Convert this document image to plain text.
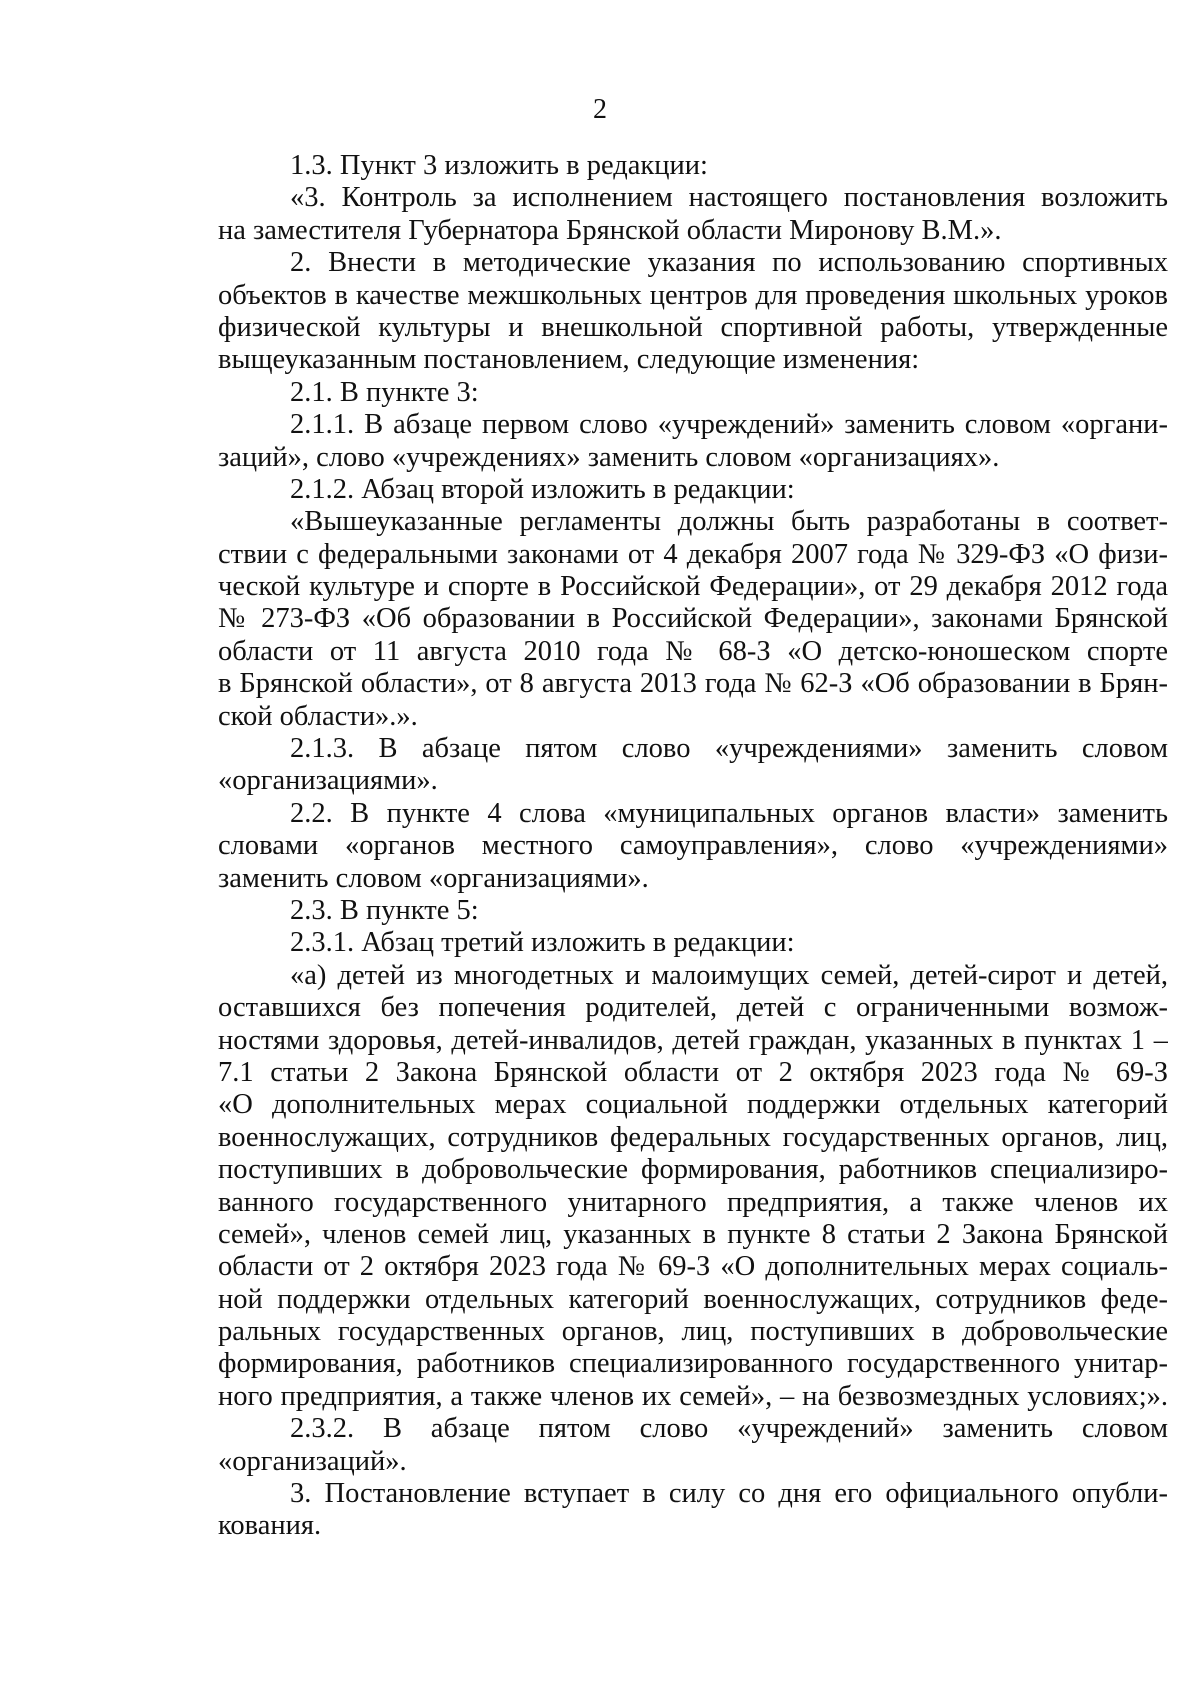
2
1.3. Пункт 3 изложить в редакции:
«3. Контроль за исполнением настоящего постановления возложить
на заместителя Губернатора Брянской области Миронову В.М.».
2. Внести в методические указания по использованию спортивных
объектов в качестве межшкольных центров для проведения школьных уроков
физической культуры и внешкольной спортивной работы, утвержденные
выщеуказанным постановлением, следующие изменения:
2.1. В пункте 3:
2.1.1. В абзаце первом слово «учреждений» заменить словом «органи-
заций», слово «учреждениях» заменить словом «организациях».
2.1.2. Абзац второй изложить в редакции:
«Вышеуказанные регламенты должны быть разработаны в соответ-
ствии с федеральными законами от 4 декабря 2007 года № 329-ФЗ «О физи-
ческой культуре и спорте в Российской Федерации», от 29 декабря 2012 года
№ 273-ФЗ «Об образовании в Российской Федерации», законами Брянской
области от 11 августа 2010 года № 68-З «О детско-юношеском спорте
в Брянской области», от 8 августа 2013 года № 62-З «Об образовании в Брян-
ской области».».
2.1.3. В абзаце пятом слово «учреждениями» заменить словом
«организациями».
2.2. В пункте 4 слова «муниципальных органов власти» заменить
словами «органов местного самоуправления», слово «учреждениями»
заменить словом «организациями».
2.3. В пункте 5:
2.3.1. Абзац третий изложить в редакции:
«а) детей из многодетных и малоимущих семей, детей-сирот и детей,
оставшихся без попечения родителей, детей с ограниченными возмож-
ностями здоровья, детей-инвалидов, детей граждан, указанных в пунктах 1 –
7.1 статьи 2 Закона Брянской области от 2 октября 2023 года № 69-З
«О дополнительных мерах социальной поддержки отдельных категорий
военнослужащих, сотрудников федеральных государственных органов, лиц,
поступивших в добровольческие формирования, работников специализиро-
ванного государственного унитарного предприятия, а также членов их
семей», членов семей лиц, указанных в пункте 8 статьи 2 Закона Брянской
области от 2 октября 2023 года № 69-З «О дополнительных мерах социаль-
ной поддержки отдельных категорий военнослужащих, сотрудников феде-
ральных государственных органов, лиц, поступивших в добровольческие
формирования, работников специализированного государственного унитар-
ного предприятия, а также членов их семей», – на безвозмездных условиях;».
2.3.2. В абзаце пятом слово «учреждений» заменить словом
«организаций».
3. Постановление вступает в силу со дня его официального опубли-
кования.
